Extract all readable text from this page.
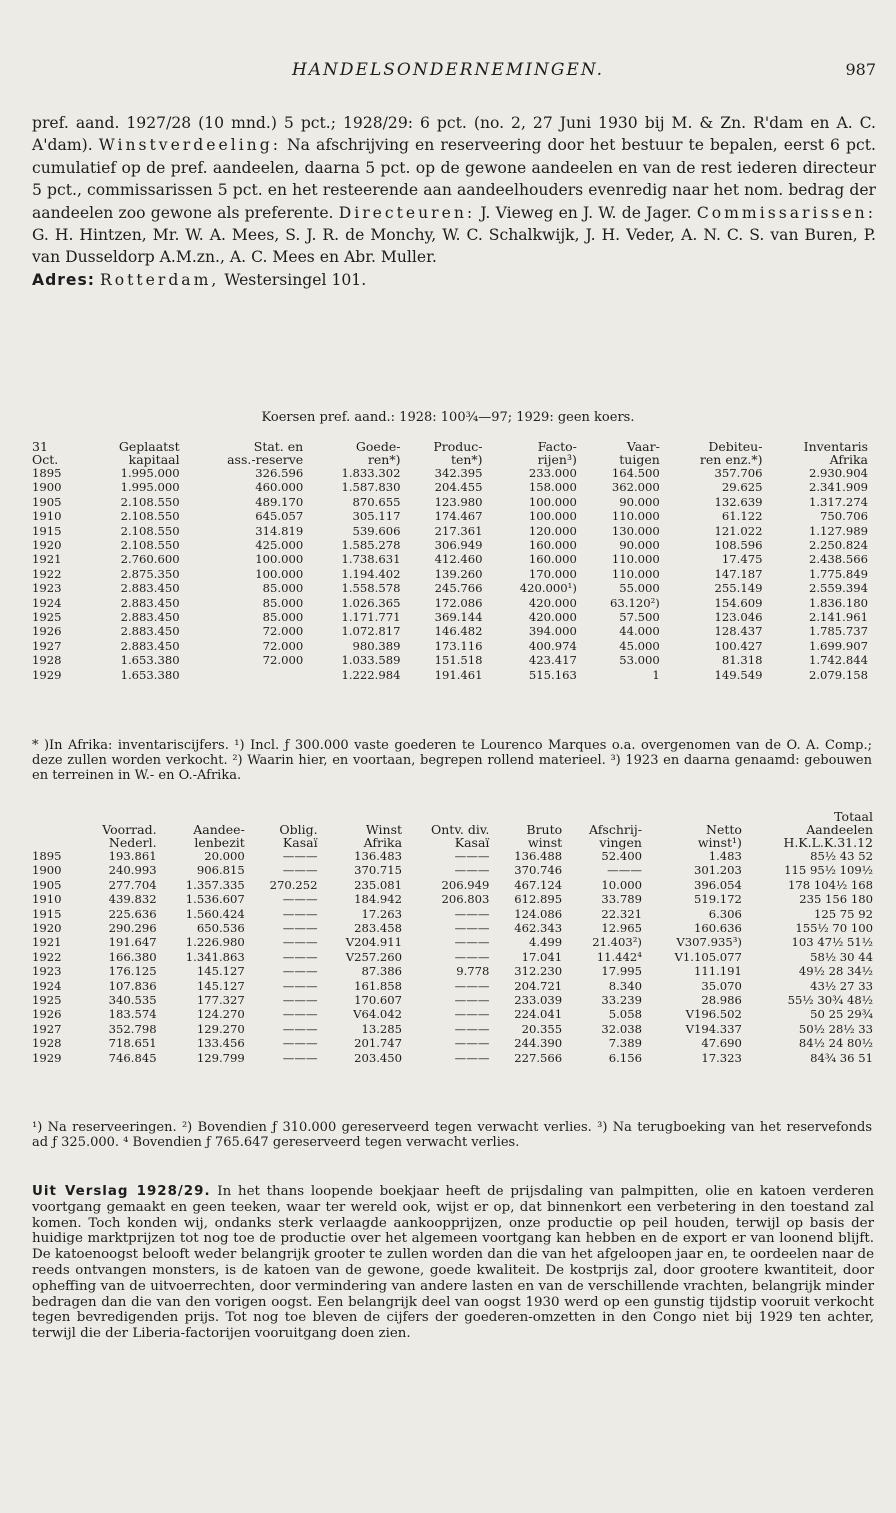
HANDELSONDERNEMINGEN.	987

pref. aand. 1927/28 (10 mnd.) 5 pct.; 1928/29: 6 pct. (no. 2, 27 Juni 1930 bij M. & Zn. R'dam en A. C. A'dam). Winstverdeeling: Na afschrijving en reserveering door het bestuur te bepalen, eerst 6 pct. cumulatief op de pref. aandeelen, daarna 5 pct. op de gewone aandeelen en van de rest iederen directeur 5 pct., commissarissen 5 pct. en het resteerende aan aandeelhouders evenredig naar het nom. bedrag der aandeelen zoo gewone als preferente. Directeuren: J. Vieweg en J. W. de Jager. Commissarissen: G. H. Hintzen, Mr. W. A. Mees, S. J. R. de Monchy, W. C. Schalkwijk, J. H. Veder, A. N. C. S. van Buren, P. van Dusseldorp A.M.zn., A. C. Mees en Abr. Muller.

Adres: Rotterdam, Westersingel 101.

Koersen pref. aand.: 1928: 100¾—97; 1929: geen koers.
31	Geplaatst	Stat. en	Goede-	Produc-	Facto-	Vaar-	Debiteu-	Inventaris
Oct.	kapitaal	ass.-reserve	ren*)	ten*)	rijen³)	tuigen	ren enz.*)	Afrika
1895	1.995.000	326.596	1.833.302	342.395	233.000	164.500	357.706	2.930.904
1900	1.995.000	460.000	1.587.830	204.455	158.000	362.000	29.625	2.341.909
1905	2.108.550	489.170	870.655	123.980	100.000	90.000	132.639	1.317.274
1910	2.108.550	645.057	305.117	174.467	100.000	110.000	61.122	750.706
1915	2.108.550	314.819	539.606	217.361	120.000	130.000	121.022	1.127.989
1920	2.108.550	425.000	1.585.278	306.949	160.000	90.000	108.596	2.250.824
1921	2.760.600	100.000	1.738.631	412.460	160.000	110.000	17.475	2.438.566
1922	2.875.350	100.000	1.194.402	139.260	170.000	110.000	147.187	1.775.849
1923	2.883.450	85.000	1.558.578	245.766	420.000¹)	55.000	255.149	2.559.394
1924	2.883.450	85.000	1.026.365	172.086	420.000	63.120²)	154.609	1.836.180
1925	2.883.450	85.000	1.171.771	369.144	420.000	57.500	123.046	2.141.961
1926	2.883.450	72.000	1.072.817	146.482	394.000	44.000	128.437	1.785.737
1927	2.883.450	72.000	980.389	173.116	400.974	45.000	100.427	1.699.907
1928	1.653.380	72.000	1.033.589	151.518	423.417	53.000	81.318	1.742.844
1929	1.653.380		1.222.984	191.461	515.163	1	149.549	2.079.158

* )In Afrika: inventariscijfers. ¹) Incl. ƒ 300.000 vaste goederen te Lourenco Marques o.a. overgenomen van de O. A. Comp.; deze zullen worden verkocht. ²) Waarin hier, en voortaan, begrepen rollend materieel. ³) 1923 en daarna genaamd: gebouwen en terreinen in W.- en O.-Afrika.

									Totaal
	Voorrad.	Aandee-	Oblig.	Winst	Ontv. div.	Bruto	Afschrij-	Netto	Aandeelen
	Nederl.	lenbezit	Kasaï	Afrika	Kasaï	winst	vingen	winst¹)	H.K.L.K.31.12
1895	193.861	20.000	———	136.483	———	136.488	52.400	1.483	85½ 43 52
1900	240.993	906.815	———	370.715	———	370.746	———	301.203	115 95½ 109½
1905	277.704	1.357.335	270.252	235.081	206.949	467.124	10.000	396.054	178 104½ 168
1910	439.832	1.536.607	———	184.942	206.803	612.895	33.789	519.172	235 156 180
1915	225.636	1.560.424	———	17.263	———	124.086	22.321	6.306	125 75 92
1920	290.296	650.536	———	283.458	———	462.343	12.965	160.636	155½ 70 100
1921	191.647	1.226.980	———	V204.911	———	4.499	21.403²)	V307.935³)	103 47½ 51½
1922	166.380	1.341.863	———	V257.260	———	17.041	11.442⁴	V1.105.077	58½ 30 44
1923	176.125	145.127	———	87.386	9.778	312.230	17.995	111.191	49½ 28 34½
1924	107.836	145.127	———	161.858	———	204.721	8.340	35.070	43½ 27 33
1925	340.535	177.327	———	170.607	———	233.039	33.239	28.986	55½ 30¾ 48½
1926	183.574	124.270	———	V64.042	———	224.041	5.058	V196.502	50 25 29¾
1927	352.798	129.270	———	13.285	———	20.355	32.038	V194.337	50½ 28½ 33
1928	718.651	133.456	———	201.747	———	244.390	7.389	47.690	84½ 24 80½
1929	746.845	129.799	———	203.450	———	227.566	6.156	17.323	84¾ 36 51

¹) Na reserveeringen. ²) Bovendien ƒ 310.000 gereserveerd tegen verwacht verlies. ³) Na terugboeking van het reservefonds ad ƒ 325.000. ⁴ Bovendien ƒ 765.647 gereserveerd tegen verwacht verlies.

Uit Verslag 1928/29. In het thans loopende boekjaar heeft de prijsdaling van palmpitten, olie en katoen verderen voortgang gemaakt en geen teeken, waar ter wereld ook, wijst er op, dat binnenkort een verbetering in den toestand zal komen. Toch konden wij, ondanks sterk verlaagde aankoopprijzen, onze productie op peil houden, terwijl op basis der huidige marktprijzen tot nog toe de productie over het algemeen voortgang kan hebben en de export er van loonend blijft. De katoenoogst belooft weder belangrijk grooter te zullen worden dan die van het afgeloopen jaar en, te oordeelen naar de reeds ontvangen monsters, is de katoen van de gewone, goede kwaliteit. De kostprijs zal, door grootere kwantiteit, door opheffing van de uitvoerrechten, door vermindering van andere lasten en van de verschillende vrachten, belangrijk minder bedragen dan die van den vorigen oogst. Een belangrijk deel van oogst 1930 werd op een gunstig tijdstip vooruit verkocht tegen bevredigenden prijs. Tot nog toe bleven de cijfers der goederen-omzetten in den Congo niet bij 1929 ten achter, terwijl die der Liberia-factorijen vooruitgang doen zien.
